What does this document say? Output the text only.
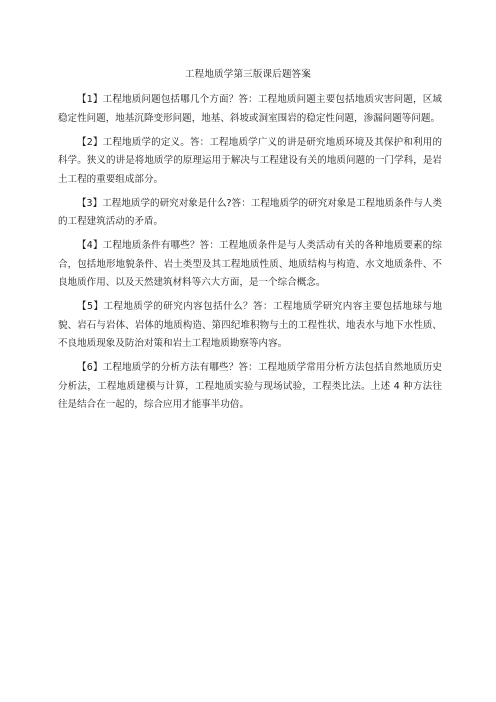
工程地质学第三版课后题答案

【1】工程地质问题包括哪几个方面？答：工程地质问题主要包括地质灾害问题，区域稳定性问题，地基沉降变形问题，地基、斜坡或洞室围岩的稳定性问题，渗漏问题等问题。

【2】工程地质学的定义。答：工程地质学广义的讲是研究地质环境及其保护和利用的科学。狭义的讲是将地质学的原理运用于解决与工程建设有关的地质问题的一门学科，是岩土工程的重要组成部分。

【3】工程地质学的研究对象是什么?答：工程地质学的研究对象是工程地质条件与人类的工程建筑活动的矛盾。

【4】工程地质条件有哪些？答：工程地质条件是与人类活动有关的各种地质要素的综合，包括地形地貌条件、岩土类型及其工程地质性质、地质结构与构造、水文地质条件、不良地质作用、以及天然建筑材料等六大方面，是一个综合概念。

【5】工程地质学的研究内容包括什么？答：工程地质学研究内容主要包括地球与地貌、岩石与岩体、岩体的地质构造、第四纪堆积物与土的工程性状、地表水与地下水性质、不良地质现象及防治对策和岩土工程地质勘察等内容。

【6】工程地质学的分析方法有哪些？答：工程地质学常用分析方法包括自然地质历史分析法，工程地质建模与计算，工程地质实验与现场试验，工程类比法。上述 4 种方法往往是结合在一起的，综合应用才能事半功倍。
